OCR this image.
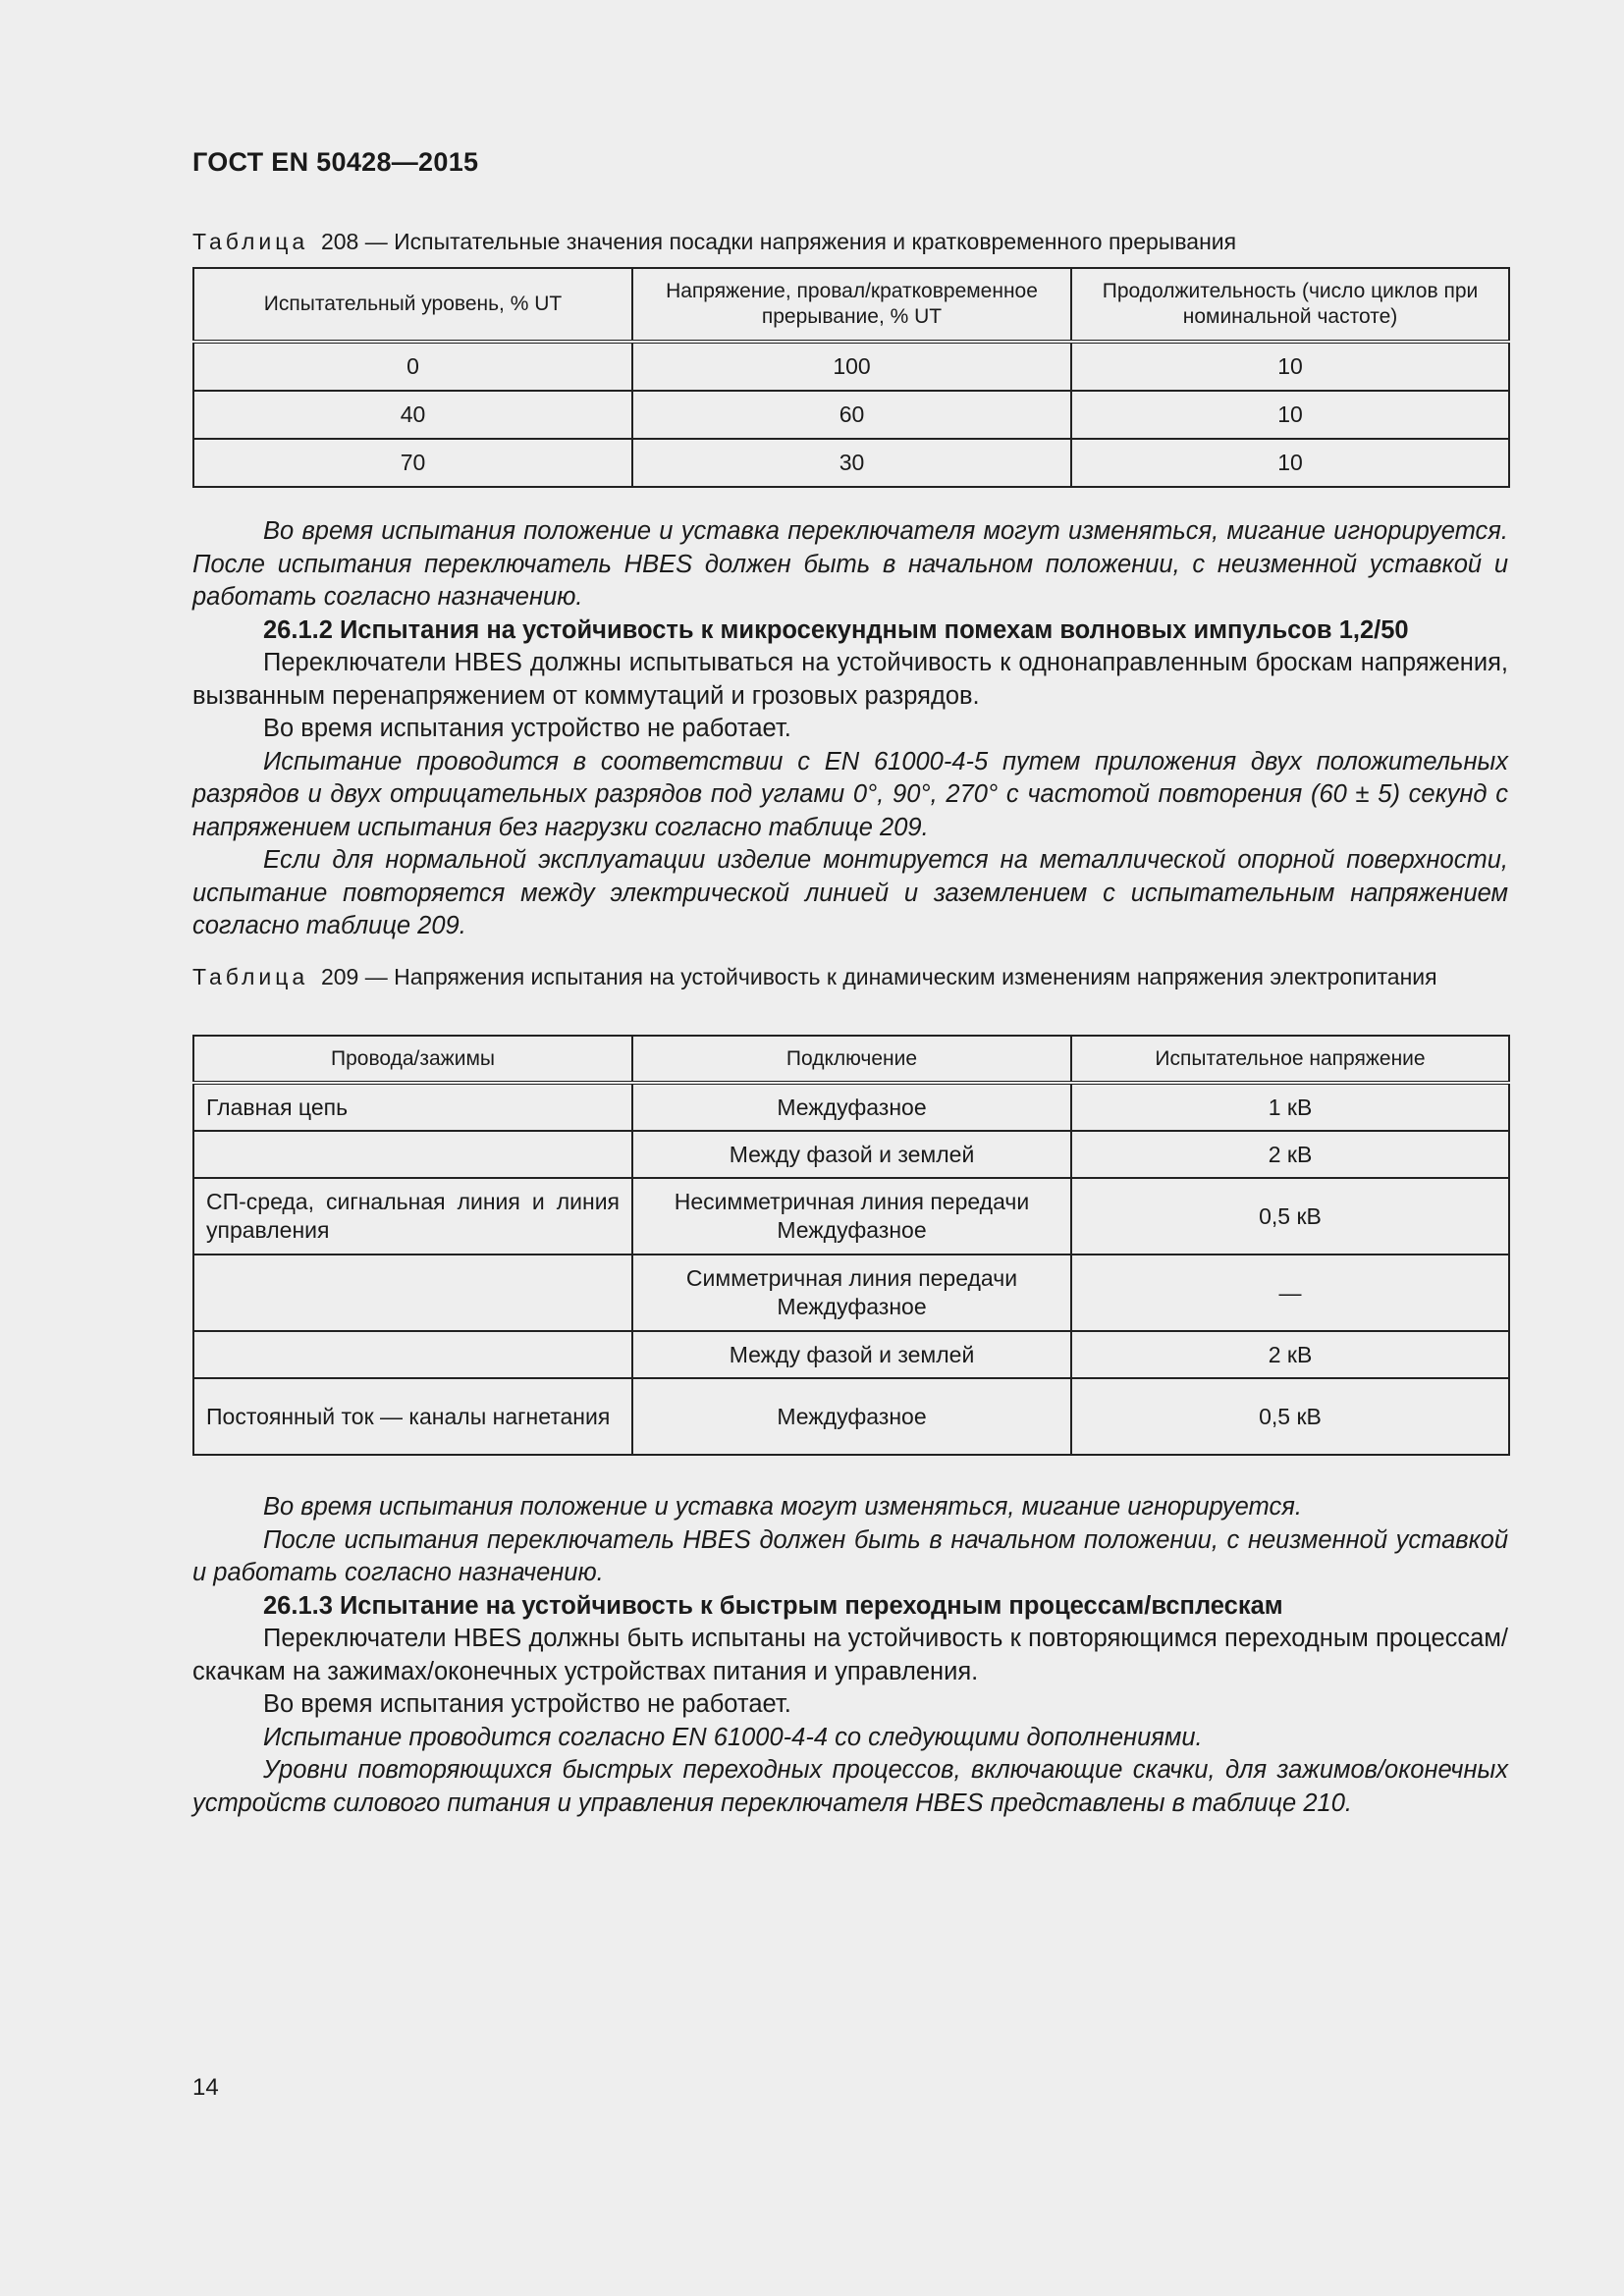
ГОСТ EN 50428—2015
Таблица 208 — Испытательные значения посадки напряжения и кратковременного прерывания
Испытательный уровень, % UT	Напряжение, провал/кратковременное прерывание, % UT	Продолжительность (число циклов при номинальной частоте)
0	100	10
40	60	10
70	30	10

Во время испытания положение и уставка переключателя могут изменяться, мигание игнорируется. После испытания переключатель HBES должен быть в начальном положении, с неизменной уставкой и работать согласно назначению.

26.1.2 Испытания на устойчивость к микросекундным помехам волновых импульсов 1,2/50

Переключатели HBES должны испытываться на устойчивость к однонаправленным броскам напряжения, вызванным перенапряжением от коммутаций и грозовых разрядов.

Во время испытания устройство не работает.

Испытание проводится в соответствии с EN 61000-4-5 путем приложения двух положительных разрядов и двух отрицательных разрядов под углами 0°, 90°, 270° с частотой повторения (60 ± 5) секунд с напряжением испытания без нагрузки согласно таблице 209.

Если для нормальной эксплуатации изделие монтируется на металлической опорной поверхности, испытание повторяется между электрической линией и заземлением с испытательным напряжением согласно таблице 209.

Таблица 209 — Напряжения испытания на устойчивость к динамическим изменениям напряжения электропитания
Провода/зажимы	Подключение	Испытательное напряжение
Главная цепь	Междуфазное	1 кВ
	Между фазой и землей	2 кВ
СП-среда, сигнальная линия и линия управления	Несимметричная линия передачи Междуфазное	0,5 кВ
	Симметричная линия передачи Междуфазное	—
	Между фазой и землей	2 кВ
Постоянный ток — каналы нагнетания	Междуфазное	0,5 кВ

Во время испытания положение и уставка могут изменяться, мигание игнорируется.

После испытания переключатель HBES должен быть в начальном положении, с неизменной уставкой и работать согласно назначению.

26.1.3 Испытание на устойчивость к быстрым переходным процессам/всплескам

Переключатели HBES должны быть испытаны на устойчивость к повторяющимся переходным процессам/скачкам на зажимах/оконечных устройствах питания и управления.

Во время испытания устройство не работает.

Испытание проводится согласно EN 61000-4-4 со следующими дополнениями.

Уровни повторяющихся быстрых переходных процессов, включающие скачки, для зажимов/оконечных устройств силового питания и управления переключателя HBES представлены в таблице 210.

14
